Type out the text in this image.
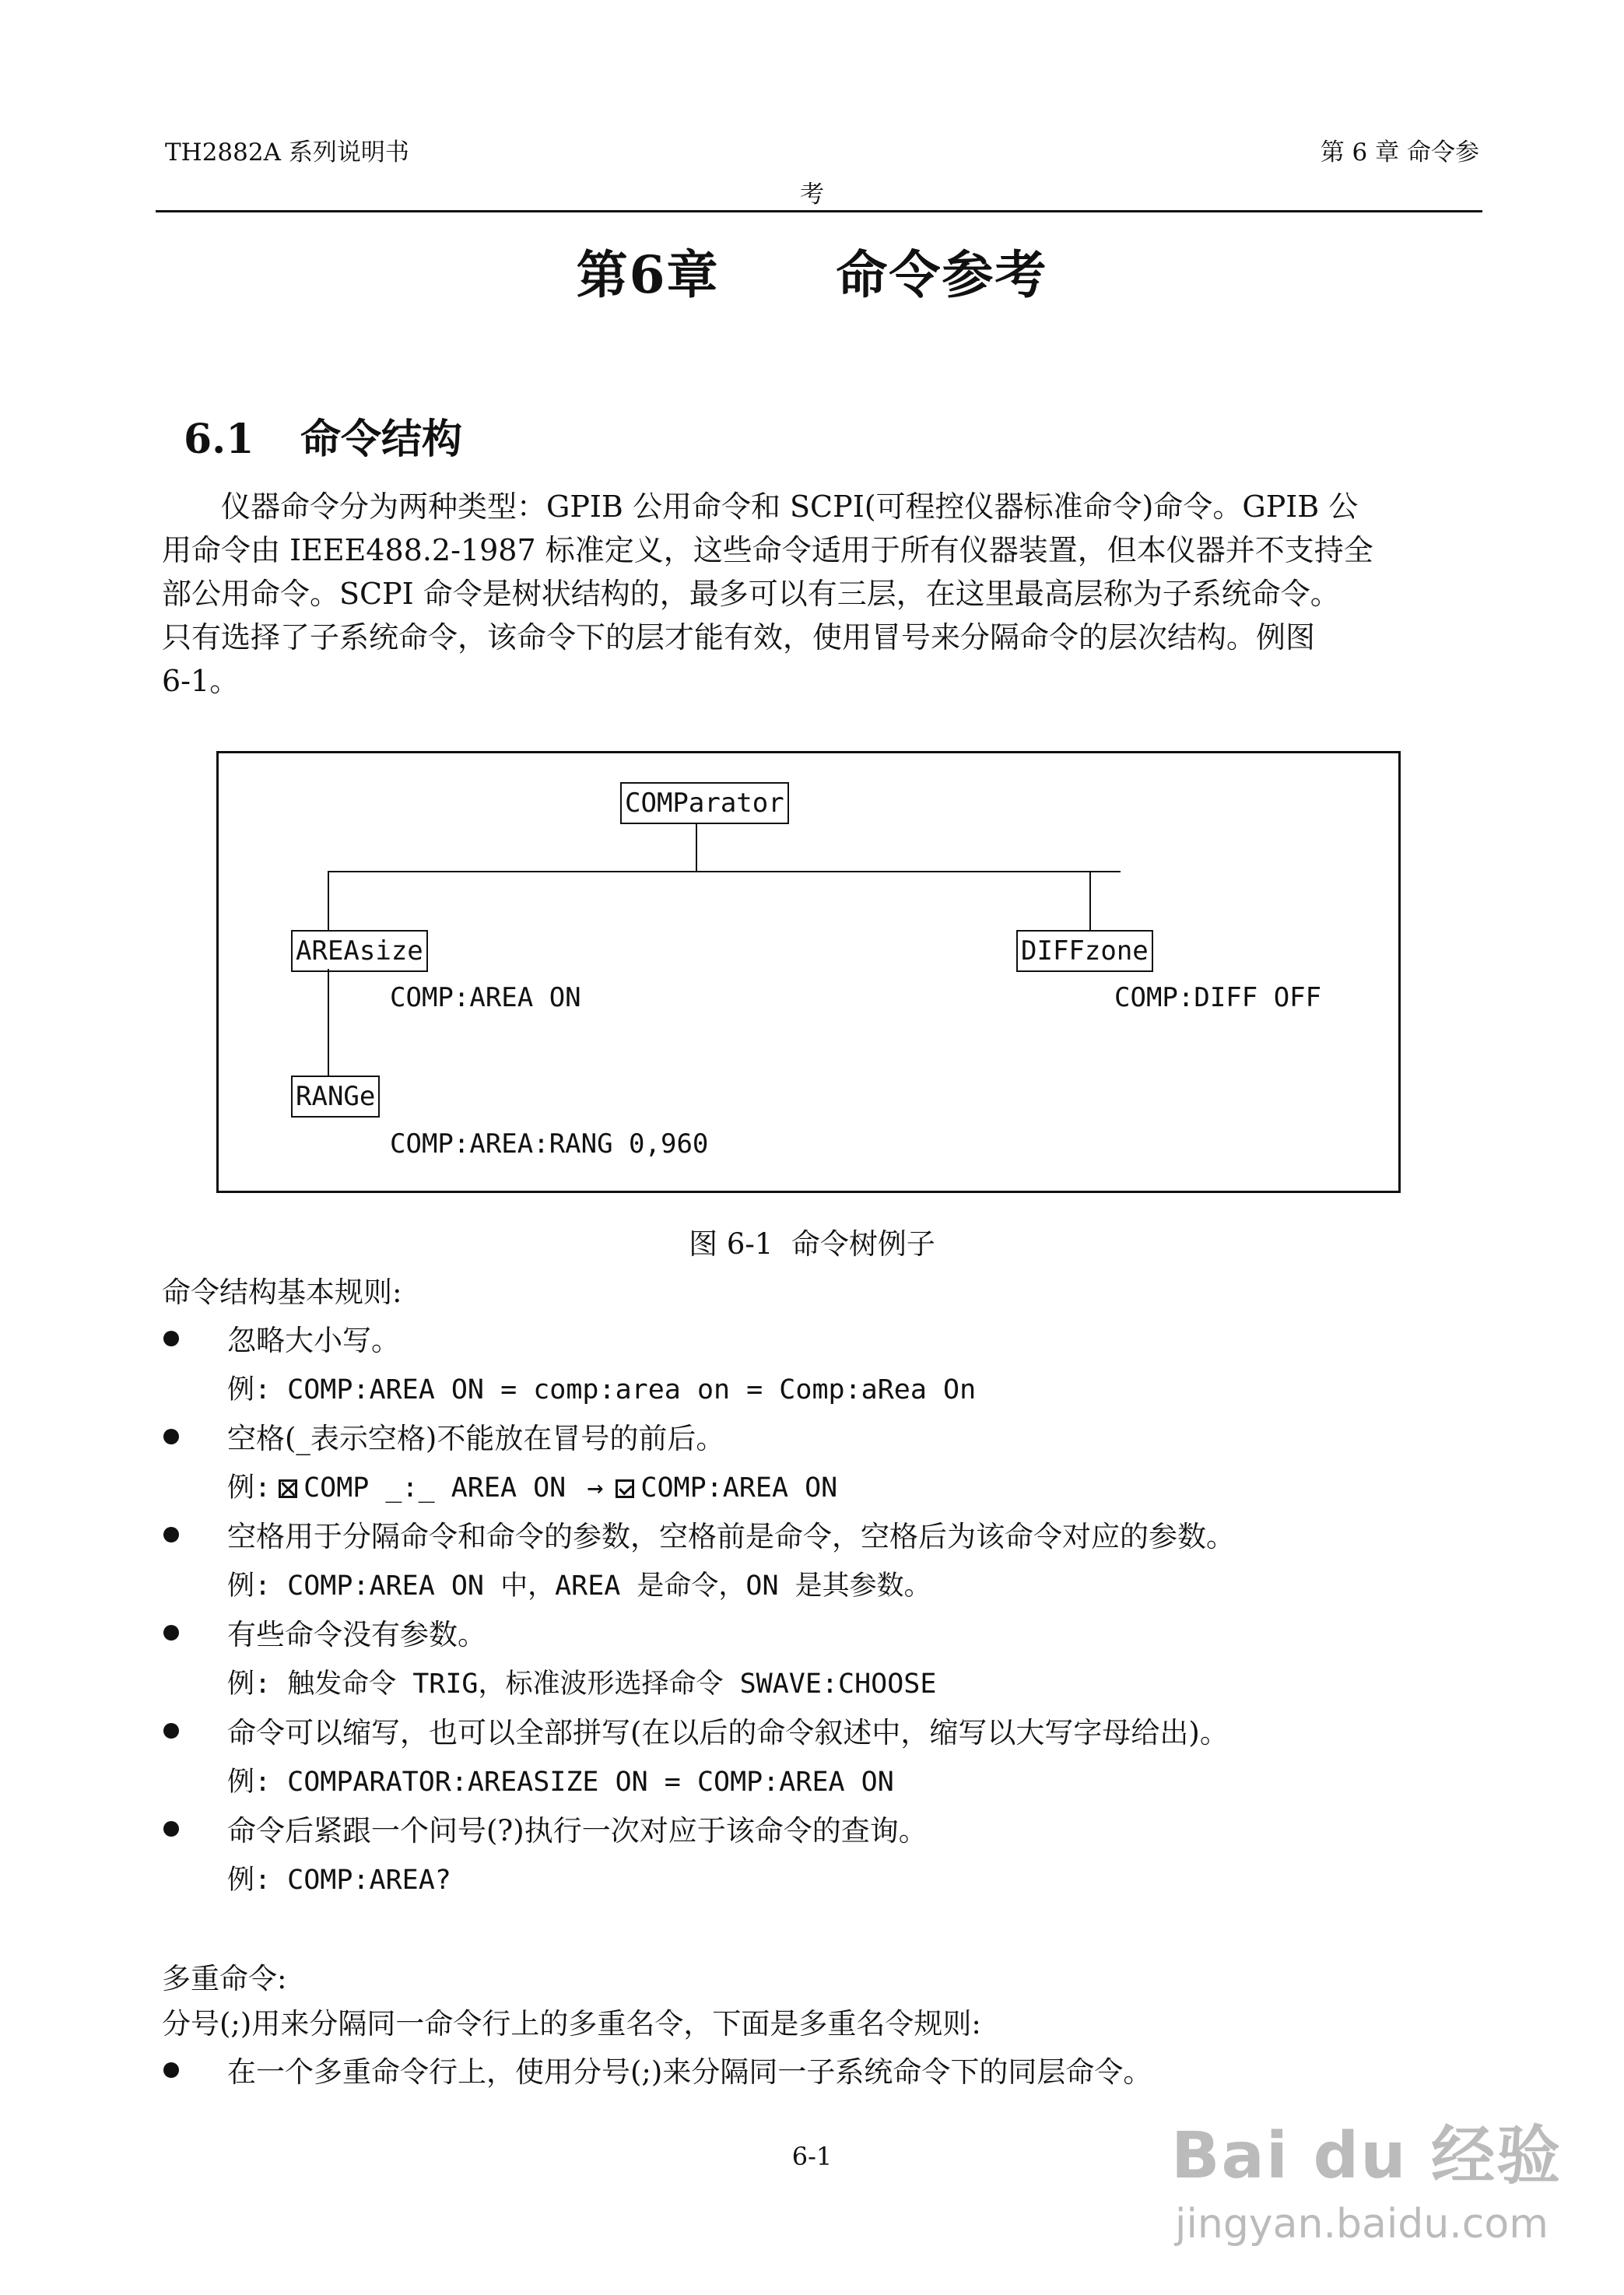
TH2882A 系列说明书	第 6 章 命令参
考
第6章      命令参考
6.1 命令结构
仪器命令分为两种类型：GPIB 公用命令和 SCPI(可程控仪器标准命令)命令。GPIB 公
用命令由 IEEE488.2-1987 标准定义，这些命令适用于所有仪器装置，但本仪器并不支持全
部公用命令。SCPI 命令是树状结构的，最多可以有三层，在这里最高层称为子系统命令。
只有选择了子系统命令，该命令下的层才能有效，使用冒号来分隔命令的层次结构。例图
6-1。
COMParator
AREAsize	DIFFzone
RANGe
COMP:AREA ON	COMP:DIFF OFF
COMP:AREA:RANG 0,960
图 6-1  命令树例子
命令结构基本规则:
忽略大小写。
例: COMP:AREA ON = comp:area on = Comp:aRea On
空格(_表示空格)不能放在冒号的前后。
例: ☒ COMP _:_ AREA ON → COMP:AREA ON
空格用于分隔命令和命令的参数，空格前是命令，空格后为该命令对应的参数。
例: COMP:AREA ON 中，AREA 是命令，ON 是其参数。
有些命令没有参数。
例: 触发命令 TRIG，标准波形选择命令 SWAVE:CHOOSE
命令可以缩写，也可以全部拼写(在以后的命令叙述中，缩写以大写字母给出)。
例: COMPARATOR:AREASIZE ON = COMP:AREA ON
命令后紧跟一个问号(?)执行一次对应于该命令的查询。
例: COMP:AREA?
多重命令:
分号(;)用来分隔同一命令行上的多重名令，下面是多重名令规则:
在一个多重命令行上，使用分号(;)来分隔同一子系统命令下的同层命令。
6-1	Bai du 经验
jingyan.baidu.com
